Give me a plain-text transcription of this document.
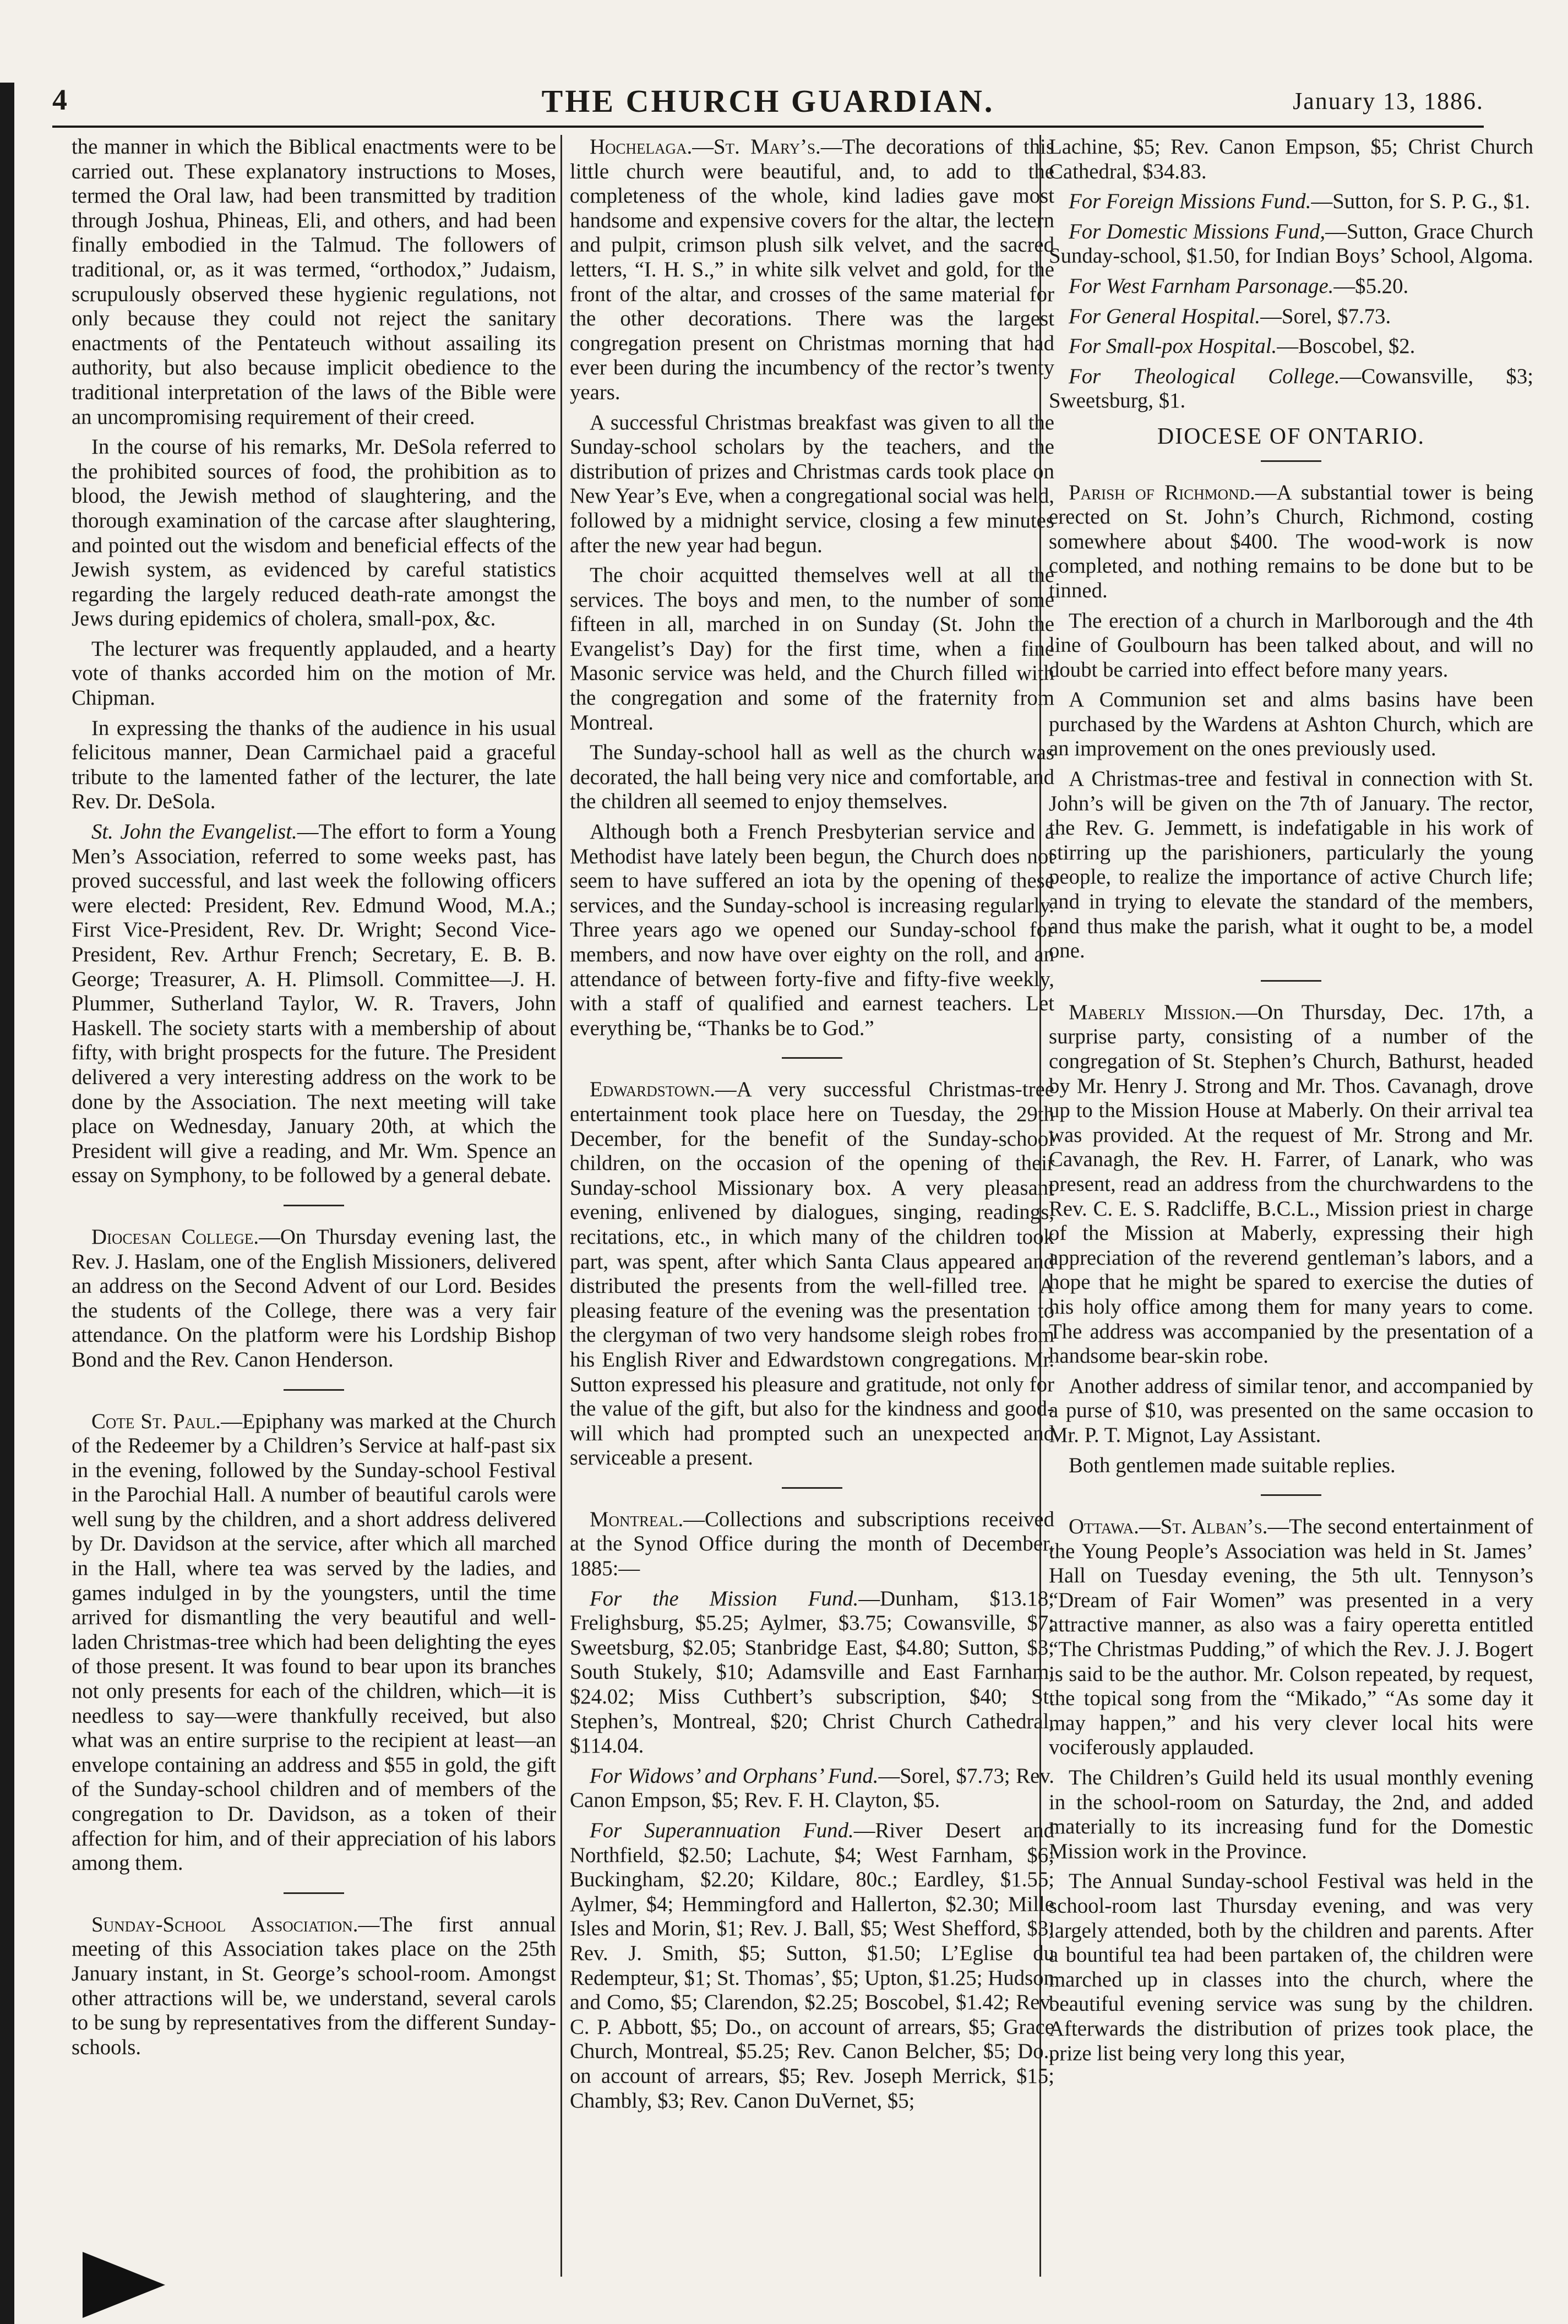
4	THE CHURCH GUARDIAN.	January 13, 1886.

the manner in which the Biblical enactments were to be carried out. These explanatory instructions to Moses, termed the Oral law, had been transmitted by tradition through Joshua, Phineas, Eli, and others, and had been finally embodied in the Talmud. The followers of traditional, or, as it was termed, “orthodox,” Judaism, scrupulously observed these hygienic regulations, not only because they could not reject the sanitary enactments of the Pentateuch without assailing its authority, but also because implicit obedience to the traditional interpretation of the laws of the Bible were an uncompromising requirement of their creed.

In the course of his remarks, Mr. DeSola referred to the prohibited sources of food, the prohibition as to blood, the Jewish method of slaughtering, and the thorough examination of the carcase after slaughtering, and pointed out the wisdom and beneficial effects of the Jewish system, as evidenced by careful statistics regarding the largely reduced death-rate amongst the Jews during epidemics of cholera, small-pox, &c.

The lecturer was frequently applauded, and a hearty vote of thanks accorded him on the motion of Mr. Chipman.

In expressing the thanks of the audience in his usual felicitous manner, Dean Carmichael paid a graceful tribute to the lamented father of the lecturer, the late Rev. Dr. DeSola.

St. John the Evangelist.—The effort to form a Young Men’s Association, referred to some weeks past, has proved successful, and last week the following officers were elected: President, Rev. Edmund Wood, M.A.; First Vice-President, Rev. Dr. Wright; Second Vice-President, Rev. Arthur French; Secretary, E. B. B. George; Treasurer, A. H. Plimsoll. Committee—J. H. Plummer, Sutherland Taylor, W. R. Travers, John Haskell. The society starts with a membership of about fifty, with bright prospects for the future. The President delivered a very interesting address on the work to be done by the Association. The next meeting will take place on Wednesday, January 20th, at which the President will give a reading, and Mr. Wm. Spence an essay on Symphony, to be followed by a general debate.

Diocesan College.—On Thursday evening last, the Rev. J. Haslam, one of the English Missioners, delivered an address on the Second Advent of our Lord. Besides the students of the College, there was a very fair attendance. On the platform were his Lordship Bishop Bond and the Rev. Canon Henderson.

Cote St. Paul.—Epiphany was marked at the Church of the Redeemer by a Children’s Service at half-past six in the evening, followed by the Sunday-school Festival in the Parochial Hall. A number of beautiful carols were well sung by the children, and a short address delivered by Dr. Davidson at the service, after which all marched in the Hall, where tea was served by the ladies, and games indulged in by the youngsters, until the time arrived for dismantling the very beautiful and well-laden Christmas-tree which had been delighting the eyes of those present. It was found to bear upon its branches not only presents for each of the children, which—it is needless to say—were thankfully received, but also what was an entire surprise to the recipient at least—an envelope containing an address and $55 in gold, the gift of the Sunday-school children and of members of the congregation to Dr. Davidson, as a token of their affection for him, and of their appreciation of his labors among them.

Sunday-School Association.—The first annual meeting of this Association takes place on the 25th January instant, in St. George’s school-room. Amongst other attractions will be, we understand, several carols to be sung by representatives from the different Sunday-schools.

Hochelaga.—St. Mary’s.—The decorations of this little church were beautiful, and, to add to the completeness of the whole, kind ladies gave most handsome and expensive covers for the altar, the lectern and pulpit, crimson plush silk velvet, and the sacred letters, “I. H. S.,” in white silk velvet and gold, for the front of the altar, and crosses of the same material for the other decorations. There was the largest congregation present on Christmas morning that had ever been during the incumbency of the rector’s twenty years.

A successful Christmas breakfast was given to all the Sunday-school scholars by the teachers, and the distribution of prizes and Christmas cards took place on New Year’s Eve, when a congregational social was held, followed by a midnight service, closing a few minutes after the new year had begun.

The choir acquitted themselves well at all the services. The boys and men, to the number of some fifteen in all, marched in on Sunday (St. John the Evangelist’s Day) for the first time, when a fine Masonic service was held, and the Church filled with the congregation and some of the fraternity from Montreal.

The Sunday-school hall as well as the church was decorated, the hall being very nice and comfortable, and the children all seemed to enjoy themselves.

Although both a French Presbyterian service and a Methodist have lately been begun, the Church does not seem to have suffered an iota by the opening of these services, and the Sunday-school is increasing regularly. Three years ago we opened our Sunday-school for members, and now have over eighty on the roll, and an attendance of between forty-five and fifty-five weekly, with a staff of qualified and earnest teachers. Let everything be, “Thanks be to God.”

Edwardstown.—A very successful Christmas-tree entertainment took place here on Tuesday, the 29th December, for the benefit of the Sunday-school children, on the occasion of the opening of their Sunday-school Missionary box. A very pleasant evening, enlivened by dialogues, singing, readings, recitations, etc., in which many of the children took part, was spent, after which Santa Claus appeared and distributed the presents from the well-filled tree. A pleasing feature of the evening was the presentation to the clergyman of two very handsome sleigh robes from his English River and Edwardstown congregations. Mr. Sutton expressed his pleasure and gratitude, not only for the value of the gift, but also for the kindness and good-will which had prompted such an unexpected and serviceable a present.

Montreal.—Collections and subscriptions received at the Synod Office during the month of December, 1885:—

For the Mission Fund.—Dunham, $13.18; Frelighsburg, $5.25; Aylmer, $3.75; Cowansville, $7; Sweetsburg, $2.05; Stanbridge East, $4.80; Sutton, $3; South Stukely, $10; Adamsville and East Farnham, $24.02; Miss Cuthbert’s subscription, $40; St. Stephen’s, Montreal, $20; Christ Church Cathedral, $114.04.

For Widows’ and Orphans’ Fund.—Sorel, $7.73; Rev. Canon Empson, $5; Rev. F. H. Clayton, $5.

For Superannuation Fund.—River Desert and Northfield, $2.50; Lachute, $4; West Farnham, $6; Buckingham, $2.20; Kildare, 80c.; Eardley, $1.55; Aylmer, $4; Hemmingford and Hallerton, $2.30; Mille Isles and Morin, $1; Rev. J. Ball, $5; West Shefford, $3; Rev. J. Smith, $5; Sutton, $1.50; L’Eglise du Redempteur, $1; St. Thomas’, $5; Upton, $1.25; Hudson and Como, $5; Clarendon, $2.25; Boscobel, $1.42; Rev. C. P. Abbott, $5; Do., on account of arrears, $5; Grace Church, Montreal, $5.25; Rev. Canon Belcher, $5; Do., on account of arrears, $5; Rev. Joseph Merrick, $15; Chambly, $3; Rev. Canon DuVernet, $5;

Lachine, $5; Rev. Canon Empson, $5; Christ Church Cathedral, $34.83.

For Foreign Missions Fund.—Sutton, for S. P. G., $1.

For Domestic Missions Fund,—Sutton, Grace Church Sunday-school, $1.50, for Indian Boys’ School, Algoma.

For West Farnham Parsonage.—$5.20.

For General Hospital.—Sorel, $7.73.

For Small-pox Hospital.—Boscobel, $2.

For Theological College.—Cowansville, $3; Sweetsburg, $1.

DIOCESE OF ONTARIO.

Parish of Richmond.—A substantial tower is being erected on St. John’s Church, Richmond, costing somewhere about $400. The wood-work is now completed, and nothing remains to be done but to be tinned.

The erection of a church in Marlborough and the 4th line of Goulbourn has been talked about, and will no doubt be carried into effect before many years.

A Communion set and alms basins have been purchased by the Wardens at Ashton Church, which are an improvement on the ones previously used.

A Christmas-tree and festival in connection with St. John’s will be given on the 7th of January. The rector, the Rev. G. Jemmett, is indefatigable in his work of stirring up the parishioners, particularly the young people, to realize the importance of active Church life; and in trying to elevate the standard of the members, and thus make the parish, what it ought to be, a model one.

Maberly Mission.—On Thursday, Dec. 17th, a surprise party, consisting of a number of the congregation of St. Stephen’s Church, Bathurst, headed by Mr. Henry J. Strong and Mr. Thos. Cavanagh, drove up to the Mission House at Maberly. On their arrival tea was provided. At the request of Mr. Strong and Mr. Cavanagh, the Rev. H. Farrer, of Lanark, who was present, read an address from the churchwardens to the Rev. C. E. S. Radcliffe, B.C.L., Mission priest in charge of the Mission at Maberly, expressing their high appreciation of the reverend gentleman’s labors, and a hope that he might be spared to exercise the duties of his holy office among them for many years to come. The address was accompanied by the presentation of a handsome bear-skin robe.

Another address of similar tenor, and accompanied by a purse of $10, was presented on the same occasion to Mr. P. T. Mignot, Lay Assistant.

Both gentlemen made suitable replies.

Ottawa.—St. Alban’s.—The second entertainment of the Young People’s Association was held in St. James’ Hall on Tuesday evening, the 5th ult. Tennyson’s “Dream of Fair Women” was presented in a very attractive manner, as also was a fairy operetta entitled “The Christmas Pudding,” of which the Rev. J. J. Bogert is said to be the author. Mr. Colson repeated, by request, the topical song from the “Mikado,” “As some day it may happen,” and his very clever local hits were vociferously applauded.

The Children’s Guild held its usual monthly evening in the school-room on Saturday, the 2nd, and added materially to its increasing fund for the Domestic Mission work in the Province.

The Annual Sunday-school Festival was held in the school-room last Thursday evening, and was very largely attended, both by the children and parents. After a bountiful tea had been partaken of, the children were marched up in classes into the church, where the beautiful evening service was sung by the children. Afterwards the distribution of prizes took place, the prize list being very long this year,
